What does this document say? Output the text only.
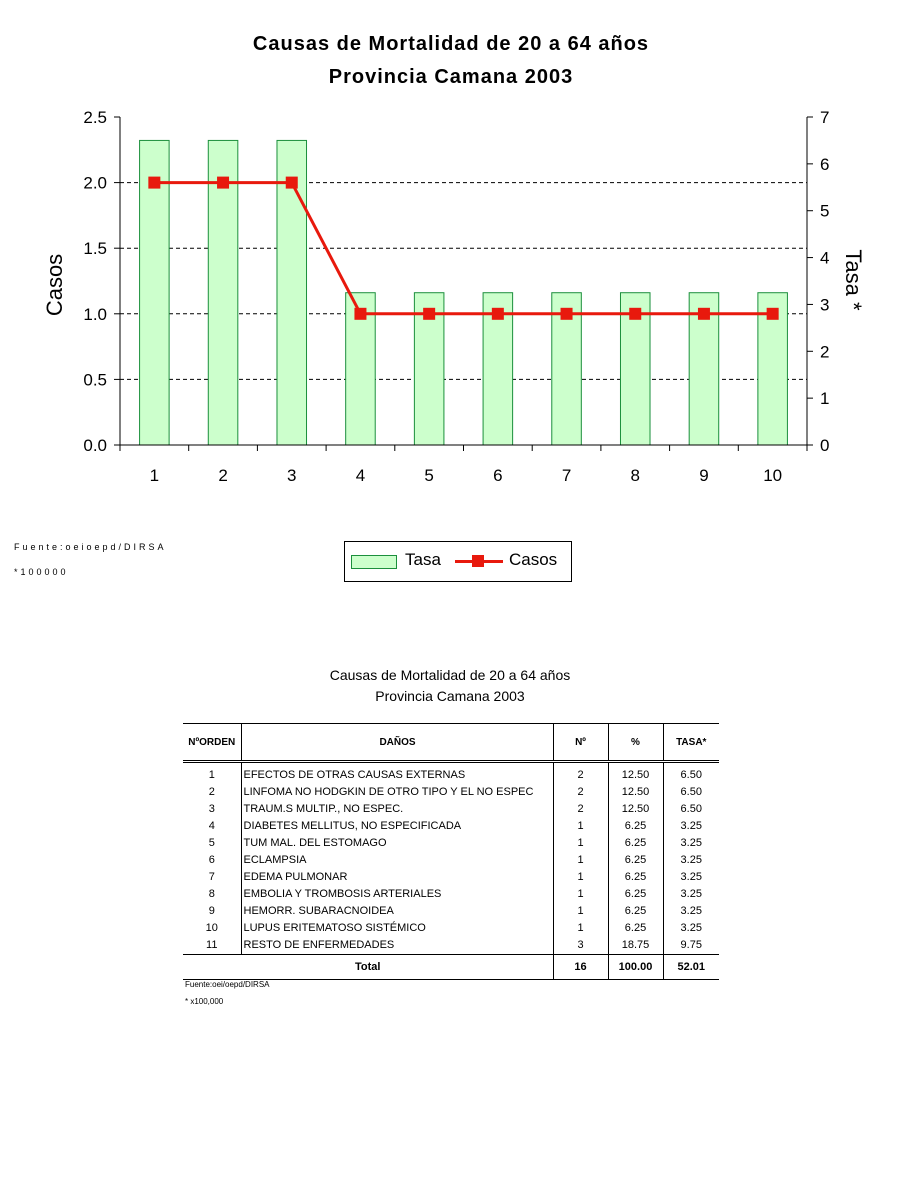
Causas de Mortalidad de 20 a 64 años
Provincia Camana 2003
0.0
0.5
1.0
1.5
2.0
2.5
0
1
2
3
4
5
6
7
1	2	3	4	5	6	7	8	9	10
Casos	Tasa *
Fuente:oeioepd/DIRSA
*100000
Tasa	Casos
Causas de Mortalidad de 20 a 64 años
Provincia Camana 2003
NºORDEN	DAÑOS	Nº	%	TASA*
1	EFECTOS DE OTRAS CAUSAS EXTERNAS	2	12.50	6.50
2	LINFOMA NO HODGKIN DE OTRO TIPO Y EL NO ESPEC	2	12.50	6.50
3	TRAUM.S MULTIP., NO ESPEC.	2	12.50	6.50
4	DIABETES MELLITUS, NO ESPECIFICADA	1	6.25	3.25
5	TUM MAL. DEL ESTOMAGO	1	6.25	3.25
6	ECLAMPSIA	1	6.25	3.25
7	EDEMA PULMONAR	1	6.25	3.25
8	EMBOLIA Y TROMBOSIS ARTERIALES	1	6.25	3.25
9	HEMORR. SUBARACNOIDEA	1	6.25	3.25
10	LUPUS ERITEMATOSO SISTÉMICO	1	6.25	3.25
11	RESTO DE ENFERMEDADES	3	18.75	9.75
Total		16	100.00	52.01
Fuente:oei/oepd/DIRSA
* x100,000
